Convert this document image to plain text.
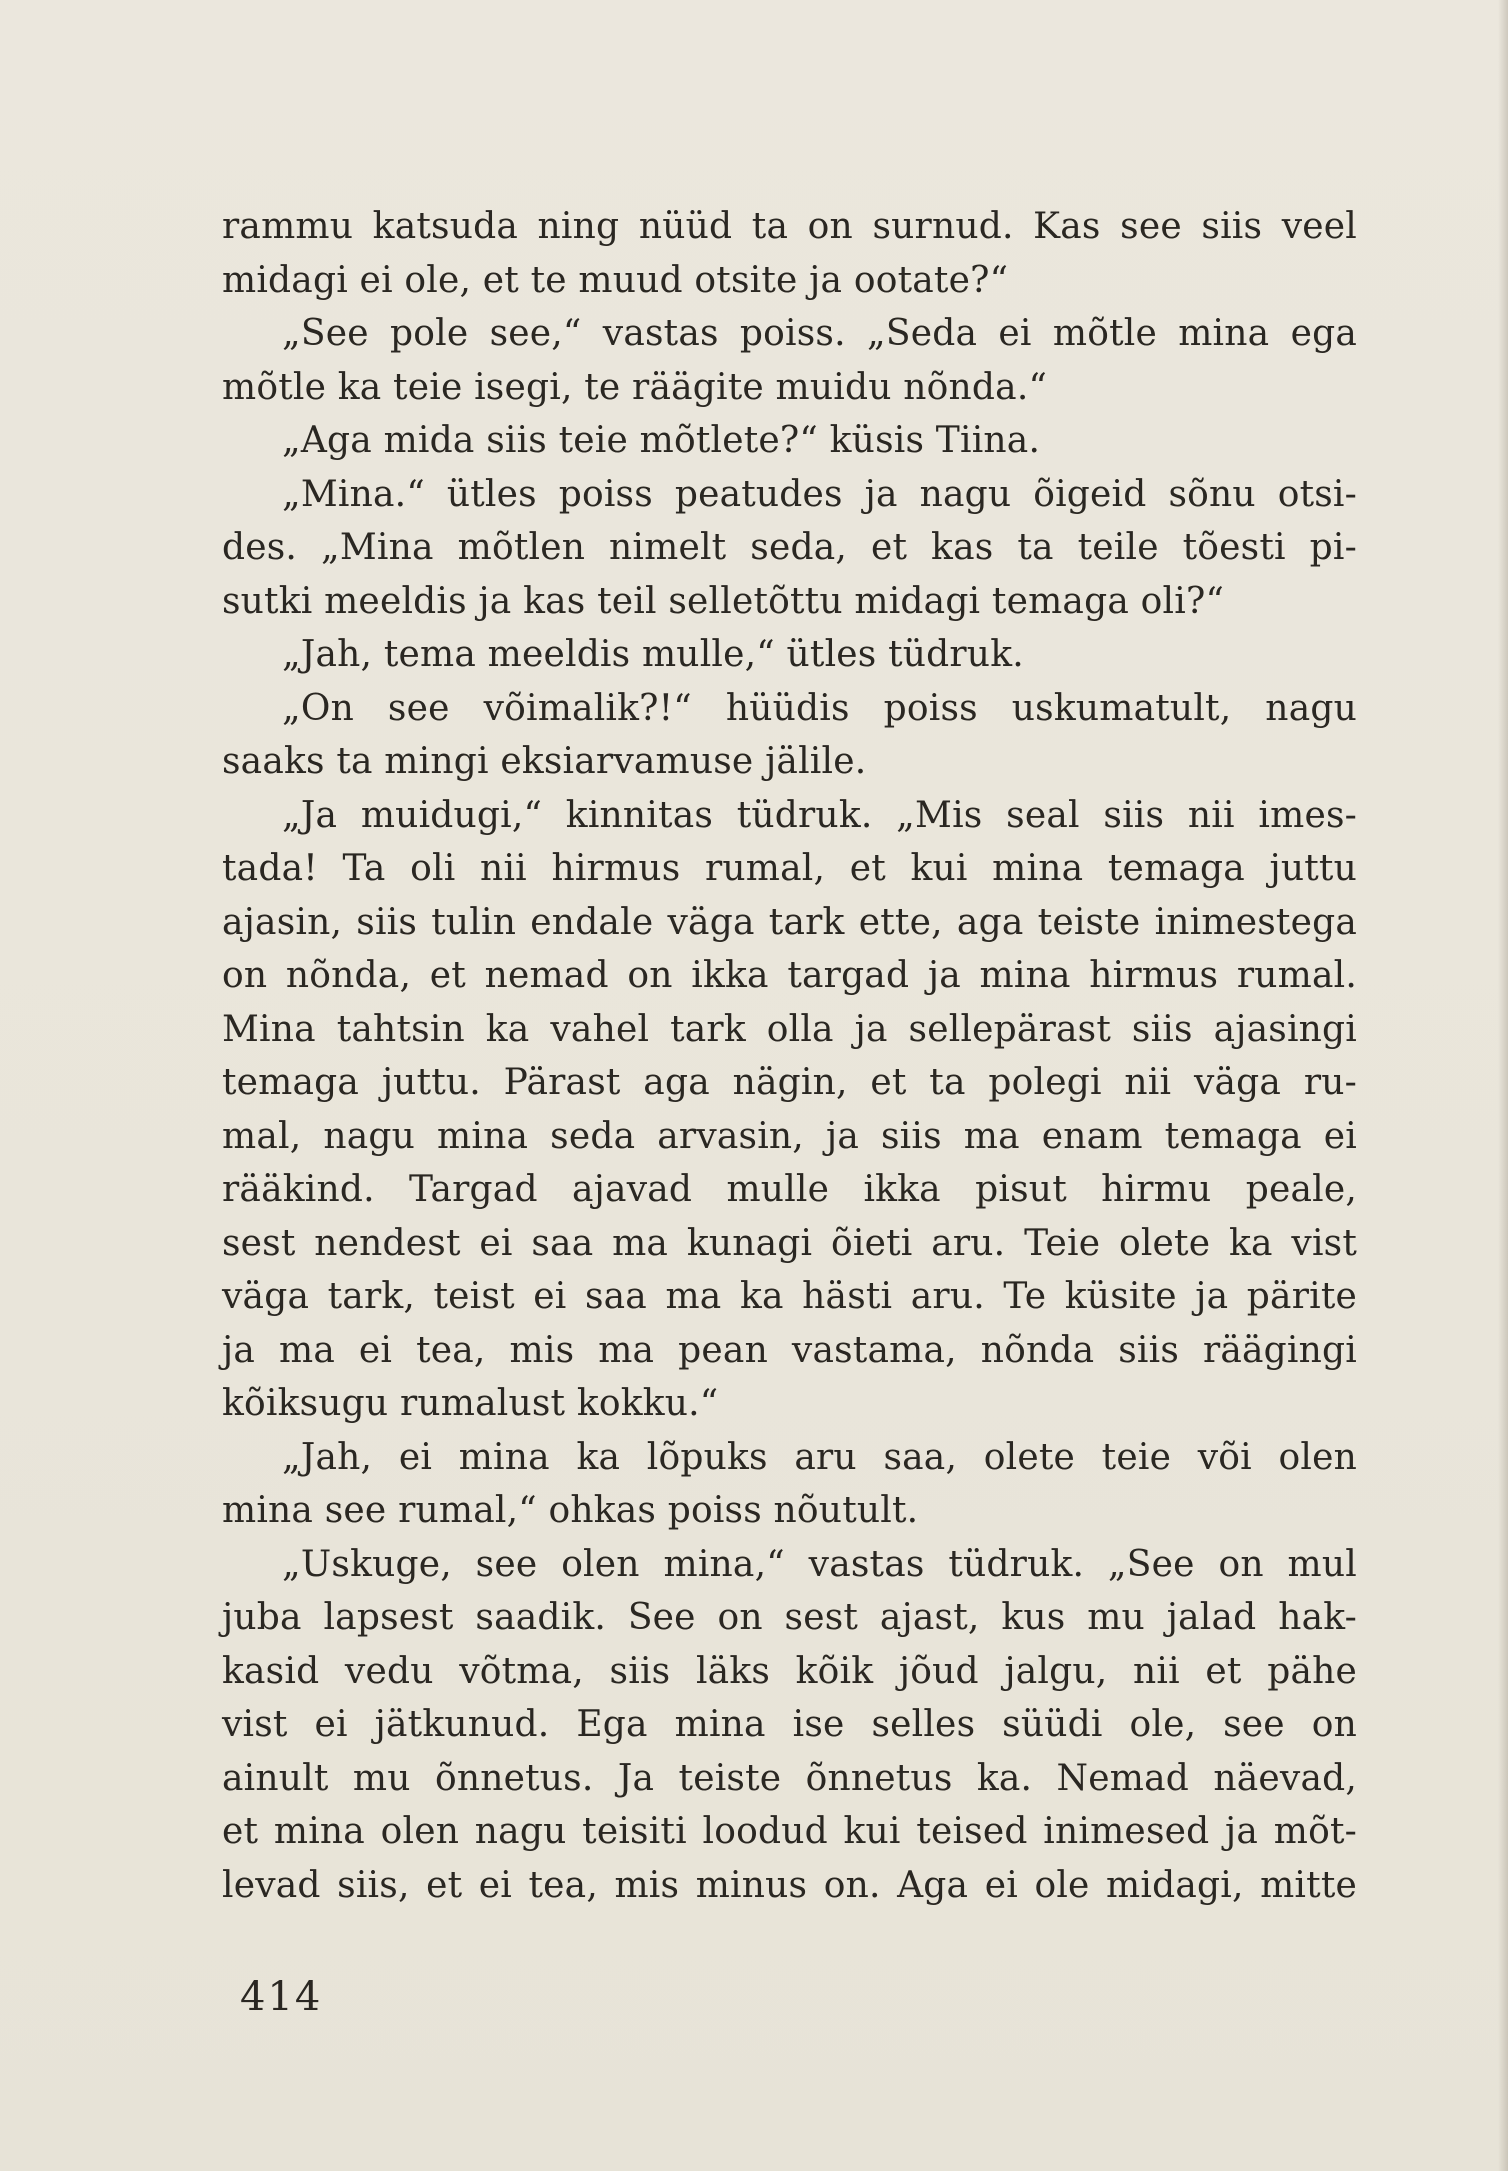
rammu katsuda ning nüüd ta on surnud. Kas see siis veel
midagi ei ole, et te muud otsite ja ootate?“
„See pole see,“ vastas poiss. „Seda ei mõtle mina ega
mõtle ka teie isegi, te räägite muidu nõnda.“
„Aga mida siis teie mõtlete?“ küsis Tiina.
„Mina.“ ütles poiss peatudes ja nagu õigeid sõnu otsi-
des. „Mina mõtlen nimelt seda, et kas ta teile tõesti pi-
sutki meeldis ja kas teil selletõttu midagi temaga oli?“
„Jah, tema meeldis mulle,“ ütles tüdruk.
„On see võimalik?!“ hüüdis poiss uskumatult, nagu
saaks ta mingi eksiarvamuse jälile.
„Ja muidugi,“ kinnitas tüdruk. „Mis seal siis nii imes-
tada! Ta oli nii hirmus rumal, et kui mina temaga juttu
ajasin, siis tulin endale väga tark ette, aga teiste inimestega
on nõnda, et nemad on ikka targad ja mina hirmus rumal.
Mina tahtsin ka vahel tark olla ja sellepärast siis ajasingi
temaga juttu. Pärast aga nägin, et ta polegi nii väga ru-
mal, nagu mina seda arvasin, ja siis ma enam temaga ei
rääkind. Targad ajavad mulle ikka pisut hirmu peale,
sest nendest ei saa ma kunagi õieti aru. Teie olete ka vist
väga tark, teist ei saa ma ka hästi aru. Te küsite ja pärite
ja ma ei tea, mis ma pean vastama, nõnda siis räägingi
kõiksugu rumalust kokku.“
„Jah, ei mina ka lõpuks aru saa, olete teie või olen
mina see rumal,“ ohkas poiss nõutult.
„Uskuge, see olen mina,“ vastas tüdruk. „See on mul
juba lapsest saadik. See on sest ajast, kus mu jalad hak-
kasid vedu võtma, siis läks kõik jõud jalgu, nii et pähe
vist ei jätkunud. Ega mina ise selles süüdi ole, see on
ainult mu õnnetus. Ja teiste õnnetus ka. Nemad näevad,
et mina olen nagu teisiti loodud kui teised inimesed ja mõt-
levad siis, et ei tea, mis minus on. Aga ei ole midagi, mitte
414
